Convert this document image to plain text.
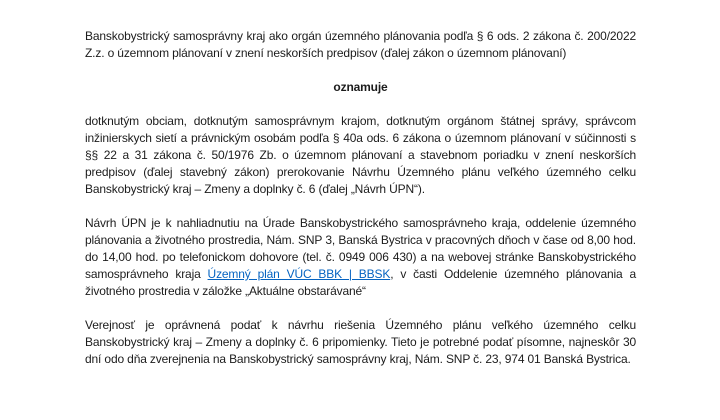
Banskobystrický samosprávny kraj ako orgán územného plánovania podľa § 6 ods. 2 zákona č. 200/2022 Z.z. o územnom plánovaní v znení neskorších predpisov (ďalej zákon o územnom plánovaní)

oznamuje

dotknutým obciam, dotknutým samosprávnym krajom, dotknutým orgánom štátnej správy, správcom inžinierskych sietí a právnickým osobám podľa § 40a ods. 6 zákona o územnom plánovaní v súčinnosti s §§ 22 a 31 zákona č. 50/1976 Zb. o územnom plánovaní a stavebnom poriadku v znení neskorších predpisov (ďalej stavebný zákon) prerokovanie Návrhu Územného plánu veľkého územného celku Banskobystrický kraj – Zmeny a doplnky č. 6 (ďalej „Návrh ÚPN“).

Návrh ÚPN je k nahliadnutiu na Úrade Banskobystrického samosprávneho kraja, oddelenie územného plánovania a životného prostredia, Nám. SNP 3, Banská Bystrica v pracovných dňoch v čase od 8,00 hod. do 14,00 hod. po telefonickom dohovore (tel. č. 0949 006 430) a na webovej stránke Banskobystrického samosprávneho kraja Územný plán VÚC BBK | BBSK, v časti Oddelenie územného plánovania a životného prostredia v záložke „Aktuálne obstarávané“

Verejnosť je oprávnená podať k návrhu riešenia Územného plánu veľkého územného celku Banskobystrický kraj – Zmeny a doplnky č. 6 pripomienky. Tieto je potrebné podať písomne, najneskôr 30 dní odo dňa zverejnenia na Banskobystrický samosprávny kraj, Nám. SNP č. 23, 974 01 Banská Bystrica.
